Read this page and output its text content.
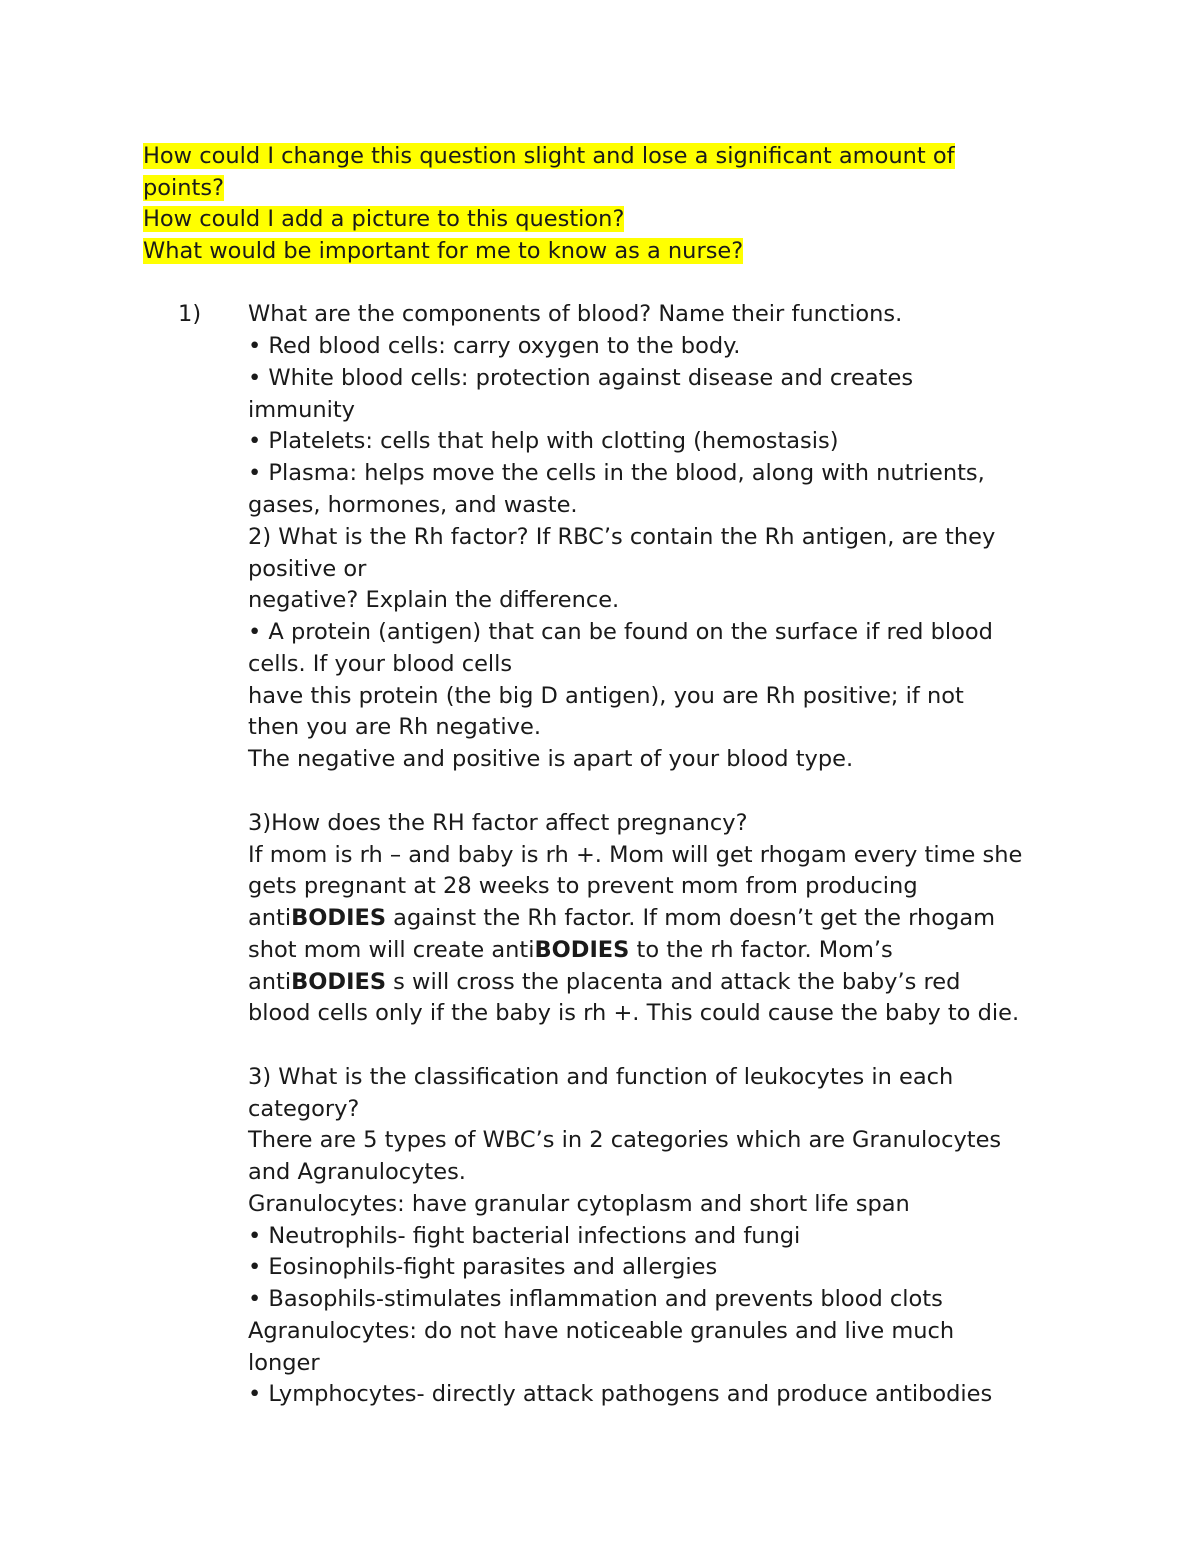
How could I change this question slight and lose a significant amount of
points?
How could I add a picture to this question?
What would be important for me to know as a nurse?
1) What are the components of blood? Name their functions.
• Red blood cells: carry oxygen to the body.
• White blood cells: protection against disease and creates
immunity
• Platelets: cells that help with clotting (hemostasis)
• Plasma: helps move the cells in the blood, along with nutrients,
gases, hormones, and waste.
2) What is the Rh factor? If RBC’s contain the Rh antigen, are they
positive or
negative? Explain the difference.
• A protein (antigen) that can be found on the surface if red blood
cells. If your blood cells
have this protein (the big D antigen), you are Rh positive; if not
then you are Rh negative.
The negative and positive is apart of your blood type.
3)How does the RH factor affect pregnancy?
If mom is rh – and baby is rh +. Mom will get rhogam every time she
gets pregnant at 28 weeks to prevent mom from producing
antiBODIES against the Rh factor. If mom doesn’t get the rhogam
shot mom will create antiBODIES to the rh factor. Mom’s
antiBODIES s will cross the placenta and attack the baby’s red
blood cells only if the baby is rh +. This could cause the baby to die.
3) What is the classification and function of leukocytes in each
category?
There are 5 types of WBC’s in 2 categories which are Granulocytes
and Agranulocytes.
Granulocytes: have granular cytoplasm and short life span
• Neutrophils- fight bacterial infections and fungi
• Eosinophils-fight parasites and allergies
• Basophils-stimulates inflammation and prevents blood clots
Agranulocytes: do not have noticeable granules and live much
longer
• Lymphocytes- directly attack pathogens and produce antibodies
